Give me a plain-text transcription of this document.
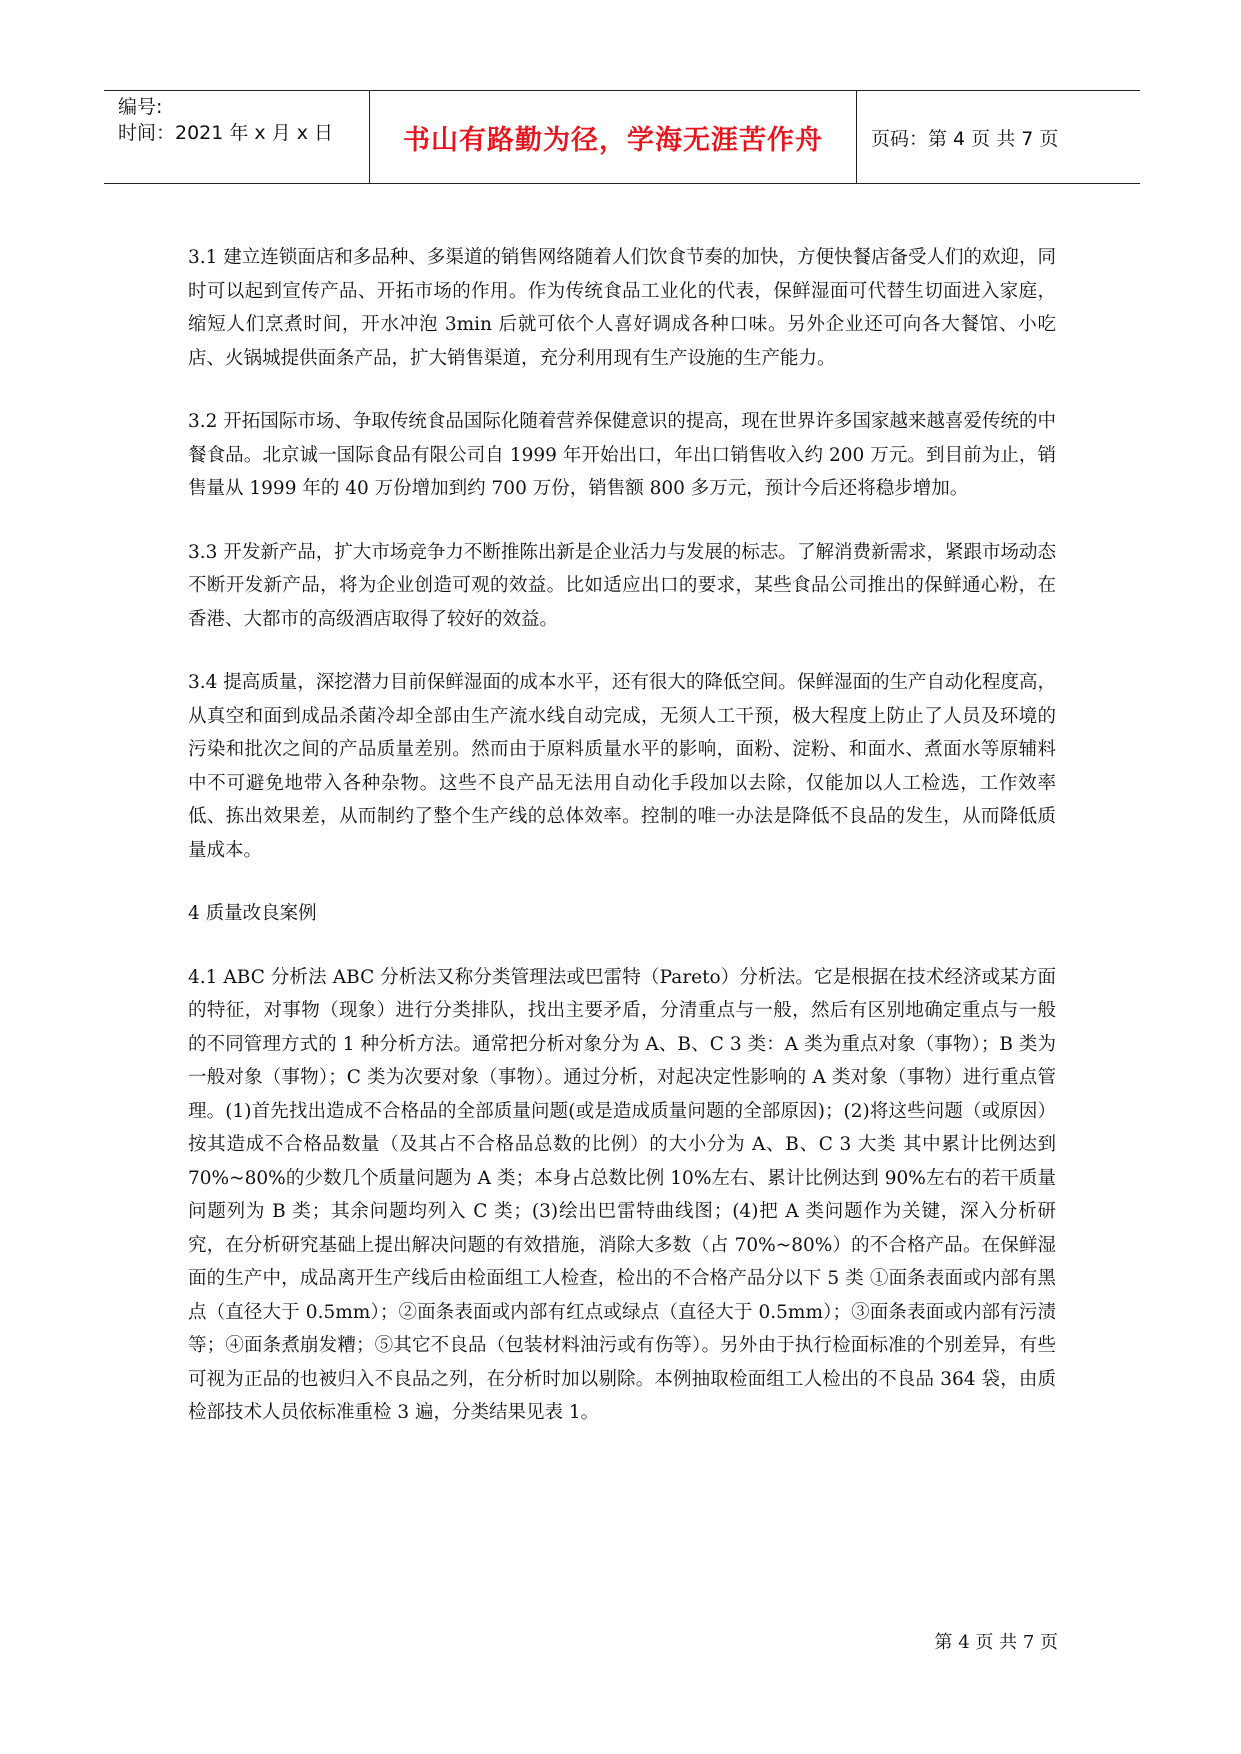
编号:
时间：2021 年 x 月 x 日	书山有路勤为径，学海无涯苦作舟	页码：第 4 页 共 7 页

3.1 建立连锁面店和多品种、多渠道的销售网络随着人们饮食节奏的加快，方便快餐店备受人们的欢迎，同时可以起到宣传产品、开拓市场的作用。作为传统食品工业化的代表，保鲜湿面可代替生切面进入家庭，缩短人们烹煮时间，开水冲泡 3min 后就可依个人喜好调成各种口味。另外企业还可向各大餐馆、小吃店、火锅城提供面条产品，扩大销售渠道，充分利用现有生产设施的生产能力。

3.2 开拓国际市场、争取传统食品国际化随着营养保健意识的提高，现在世界许多国家越来越喜爱传统的中餐食品。北京诚一国际食品有限公司自 1999 年开始出口，年出口销售收入约 200 万元。到目前为止，销售量从 1999 年的 40 万份增加到约 700 万份，销售额 800 多万元，预计今后还将稳步增加。

3.3 开发新产品，扩大市场竞争力不断推陈出新是企业活力与发展的标志。了解消费新需求，紧跟市场动态不断开发新产品，将为企业创造可观的效益。比如适应出口的要求，某些食品公司推出的保鲜通心粉，在香港、大都市的高级酒店取得了较好的效益。

3.4 提高质量，深挖潜力目前保鲜湿面的成本水平，还有很大的降低空间。保鲜湿面的生产自动化程度高，从真空和面到成品杀菌冷却全部由生产流水线自动完成，无须人工干预，极大程度上防止了人员及环境的污染和批次之间的产品质量差别。然而由于原料质量水平的影响，面粉、淀粉、和面水、煮面水等原辅料中不可避免地带入各种杂物。这些不良产品无法用自动化手段加以去除，仅能加以人工检选，工作效率低、拣出效果差，从而制约了整个生产线的总体效率。控制的唯一办法是降低不良品的发生，从而降低质量成本。

4 质量改良案例

4.1 ABC 分析法 ABC 分析法又称分类管理法或巴雷特（Pareto）分析法。它是根据在技术经济或某方面的特征，对事物（现象）进行分类排队，找出主要矛盾，分清重点与一般，然后有区别地确定重点与一般的不同管理方式的 1 种分析方法。通常把分析对象分为 A、B、C 3 类：A 类为重点对象（事物）；B 类为一般对象（事物）；C 类为次要对象（事物）。通过分析，对起决定性影响的 A 类对象（事物）进行重点管理。(1)首先找出造成不合格品的全部质量问题(或是造成质量问题的全部原因)；(2)将这些问题（或原因）按其造成不合格品数量（及其占不合格品总数的比例）的大小分为 A、B、C 3 大类 其中累计比例达到 70%~80%的少数几个质量问题为 A 类；本身占总数比例 10%左右、累计比例达到 90%左右的若干质量问题列为 B 类；其余问题均列入 C 类；(3)绘出巴雷特曲线图；(4)把 A 类问题作为关键，深入分析研究，在分析研究基础上提出解决问题的有效措施，消除大多数（占 70%~80%）的不合格产品。在保鲜湿面的生产中，成品离开生产线后由检面组工人检查，检出的不合格产品分以下 5 类 ①面条表面或内部有黑点（直径大于 0.5mm）；②面条表面或内部有红点或绿点（直径大于 0.5mm）；③面条表面或内部有污渍等；④面条煮崩发糟；⑤其它不良品（包装材料油污或有伤等）。另外由于执行检面标准的个别差异，有些可视为正品的也被归入不良品之列，在分析时加以剔除。本例抽取检面组工人检出的不良品 364 袋，由质检部技术人员依标准重检 3 遍，分类结果见表 1。

第 4 页 共 7 页
